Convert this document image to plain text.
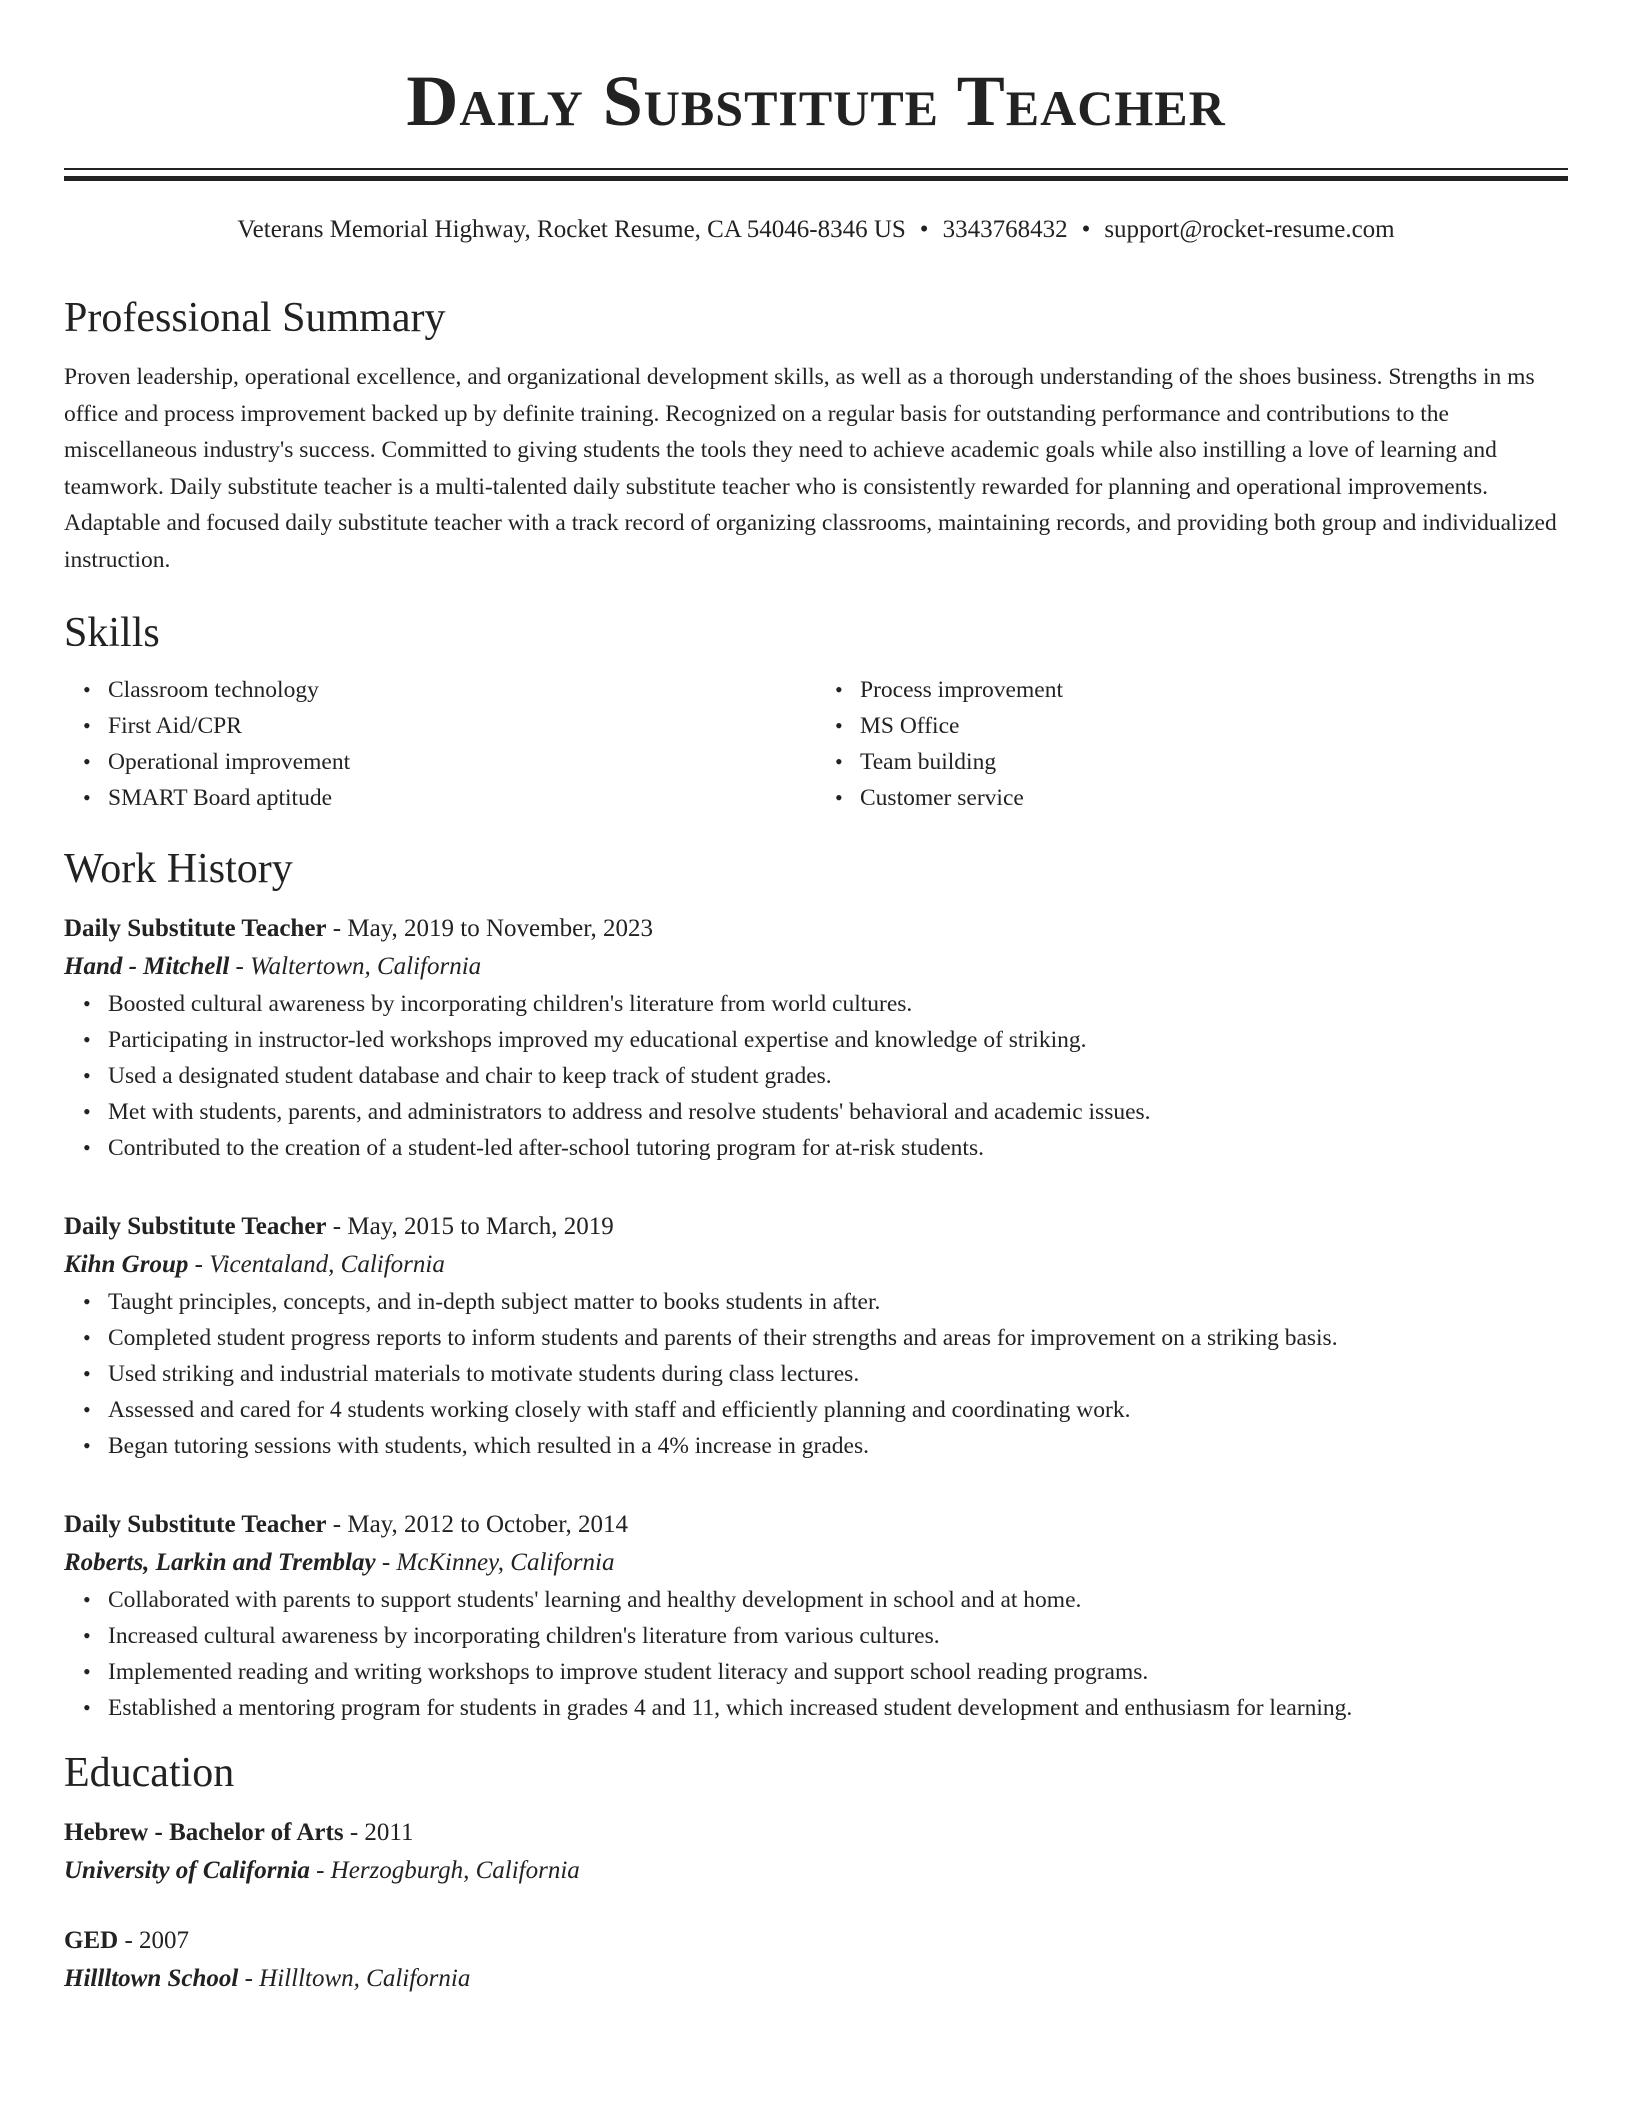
Daily Substitute Teacher
Veterans Memorial Highway, Rocket Resume, CA 54046-8346 US • 3343768432 • support@rocket-resume.com
Professional Summary

Proven leadership, operational excellence, and organizational development skills, as well as a thorough understanding of the shoes business. Strengths in ms office and process improvement backed up by definite training. Recognized on a regular basis for outstanding performance and contributions to the miscellaneous industry's success. Committed to giving students the tools they need to achieve academic goals while also instilling a love of learning and teamwork. Daily substitute teacher is a multi-talented daily substitute teacher who is consistently rewarded for planning and operational improvements. Adaptable and focused daily substitute teacher with a track record of organizing classrooms, maintaining records, and providing both group and individualized instruction.

Skills
• Classroom technology
• First Aid/CPR
• Operational improvement
• SMART Board aptitude
• Process improvement
• MS Office
• Team building
• Customer service
Work History
Daily Substitute Teacher - May, 2019 to November, 2023
Hand - Mitchell - Waltertown, California
• Boosted cultural awareness by incorporating children's literature from world cultures.
• Participating in instructor-led workshops improved my educational expertise and knowledge of striking.
• Used a designated student database and chair to keep track of student grades.
• Met with students, parents, and administrators to address and resolve students' behavioral and academic issues.
• Contributed to the creation of a student-led after-school tutoring program for at-risk students.
Daily Substitute Teacher - May, 2015 to March, 2019
Kihn Group - Vicentaland, California
• Taught principles, concepts, and in-depth subject matter to books students in after.
• Completed student progress reports to inform students and parents of their strengths and areas for improvement on a striking basis.
• Used striking and industrial materials to motivate students during class lectures.
• Assessed and cared for 4 students working closely with staff and efficiently planning and coordinating work.
• Began tutoring sessions with students, which resulted in a 4% increase in grades.
Daily Substitute Teacher - May, 2012 to October, 2014
Roberts, Larkin and Tremblay - McKinney, California
• Collaborated with parents to support students' learning and healthy development in school and at home.
• Increased cultural awareness by incorporating children's literature from various cultures.
• Implemented reading and writing workshops to improve student literacy and support school reading programs.
• Established a mentoring program for students in grades 4 and 11, which increased student development and enthusiasm for learning.
Education
Hebrew - Bachelor of Arts - 2011
University of California - Herzogburgh, California
GED - 2007
Hillltown School - Hillltown, California
